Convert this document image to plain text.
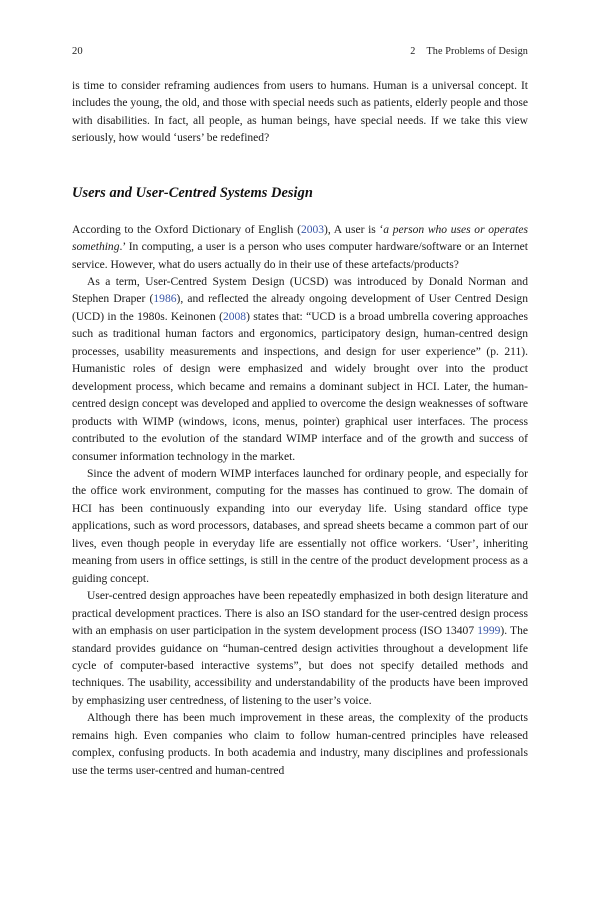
20	2 The Problems of Design

is time to consider reframing audiences from users to humans. Human is a universal concept. It includes the young, the old, and those with special needs such as patients, elderly people and those with disabilities. In fact, all people, as human beings, have special needs. If we take this view seriously, how would ‘users’ be redefined?

Users and User-Centred Systems Design

According to the Oxford Dictionary of English (2003), A user is ‘a person who uses or operates something.’ In computing, a user is a person who uses computer hardware/software or an Internet service. However, what do users actually do in their use of these artefacts/products?

As a term, User-Centred System Design (UCSD) was introduced by Donald Norman and Stephen Draper (1986), and reflected the already ongoing development of User Centred Design (UCD) in the 1980s. Keinonen (2008) states that: “UCD is a broad umbrella covering approaches such as traditional human factors and ergonomics, participatory design, human-centred design processes, usability measurements and inspections, and design for user experience” (p. 211). Humanistic roles of design were emphasized and widely brought over into the product development process, which became and remains a dominant subject in HCI. Later, the human-centred design concept was developed and applied to overcome the design weaknesses of software products with WIMP (windows, icons, menus, pointer) graphical user interfaces. The process contributed to the evolution of the standard WIMP interface and of the growth and success of consumer information technology in the market.

Since the advent of modern WIMP interfaces launched for ordinary people, and especially for the office work environment, computing for the masses has continued to grow. The domain of HCI has been continuously expanding into our everyday life. Using standard office type applications, such as word processors, databases, and spread sheets became a common part of our lives, even though people in everyday life are essentially not office workers. ‘User’, inheriting meaning from users in office settings, is still in the centre of the product development process as a guiding concept.

User-centred design approaches have been repeatedly emphasized in both design literature and practical development practices. There is also an ISO standard for the user-centred design process with an emphasis on user participation in the system development process (ISO 13407 1999). The standard provides guidance on “human-centred design activities throughout a development life cycle of computer-based interactive systems”, but does not specify detailed methods and techniques. The usability, accessibility and understandability of the products have been improved by emphasizing user centredness, of listening to the user’s voice.

Although there has been much improvement in these areas, the complexity of the products remains high. Even companies who claim to follow human-centred principles have released complex, confusing products. In both academia and industry, many disciplines and professionals use the terms user-centred and human-centred
